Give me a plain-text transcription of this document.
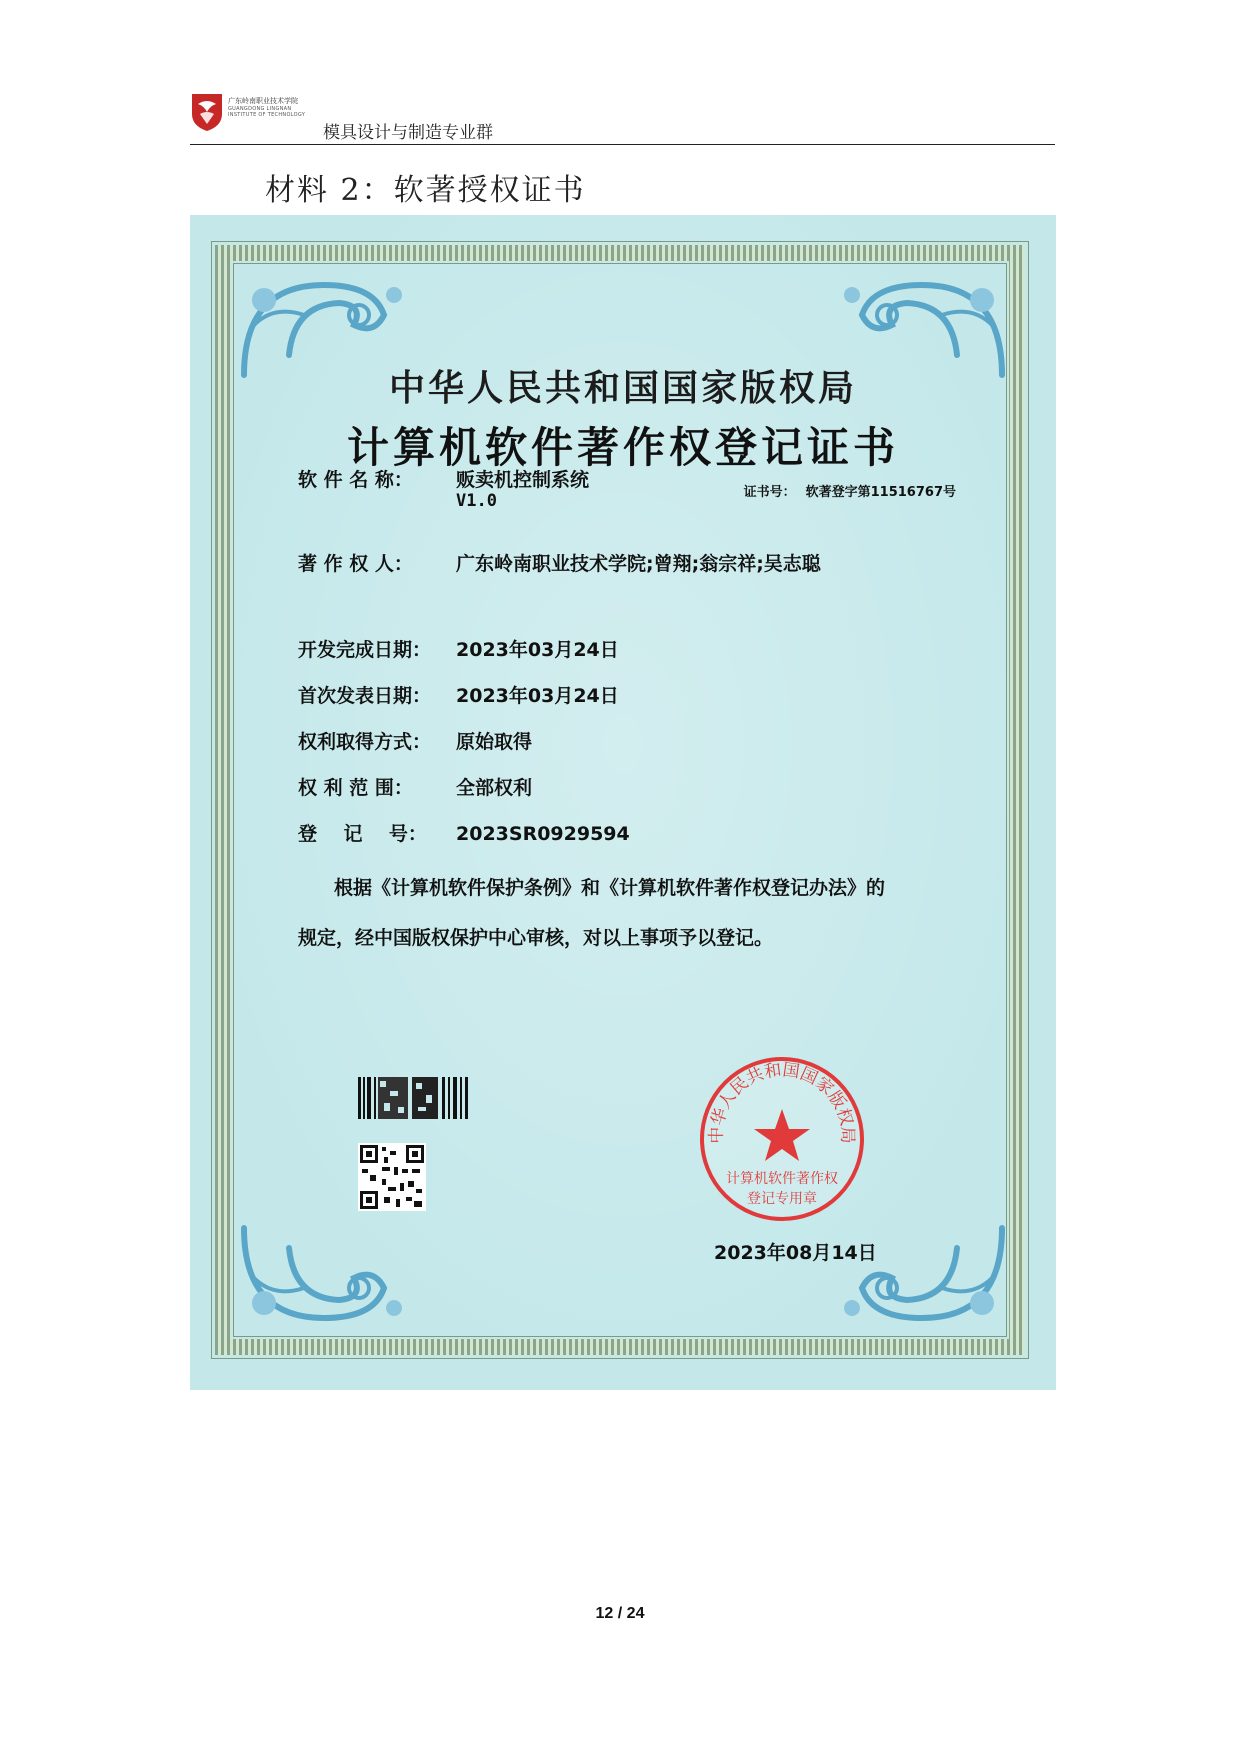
广东岭南职业技术学院
GUANGDONG LINGNAN INSTITUTE OF TECHNOLOGY
模具设计与制造专业群
材料 2：软著授权证书
中华人民共和国国家版权局
计算机软件著作权登记证书
证书号： 软著登字第11516767号
软 件 名 称： 贩卖机控制系统
V1.0
著 作 权 人： 广东岭南职业技术学院;曾翔;翁宗祥;吴志聪
开发完成日期： 2023年03月24日
首次发表日期： 2023年03月24日
权利取得方式： 原始取得
权 利 范 围： 全部权利
登    记    号： 2023SR0929594
根据《计算机软件保护条例》和《计算机软件著作权登记办法》的
规定，经中国版权保护中心审核，对以上事项予以登记。
中华人民共和国国家版权局
计算机软件著作权
登记专用章
2023年08月14日
12 / 24
